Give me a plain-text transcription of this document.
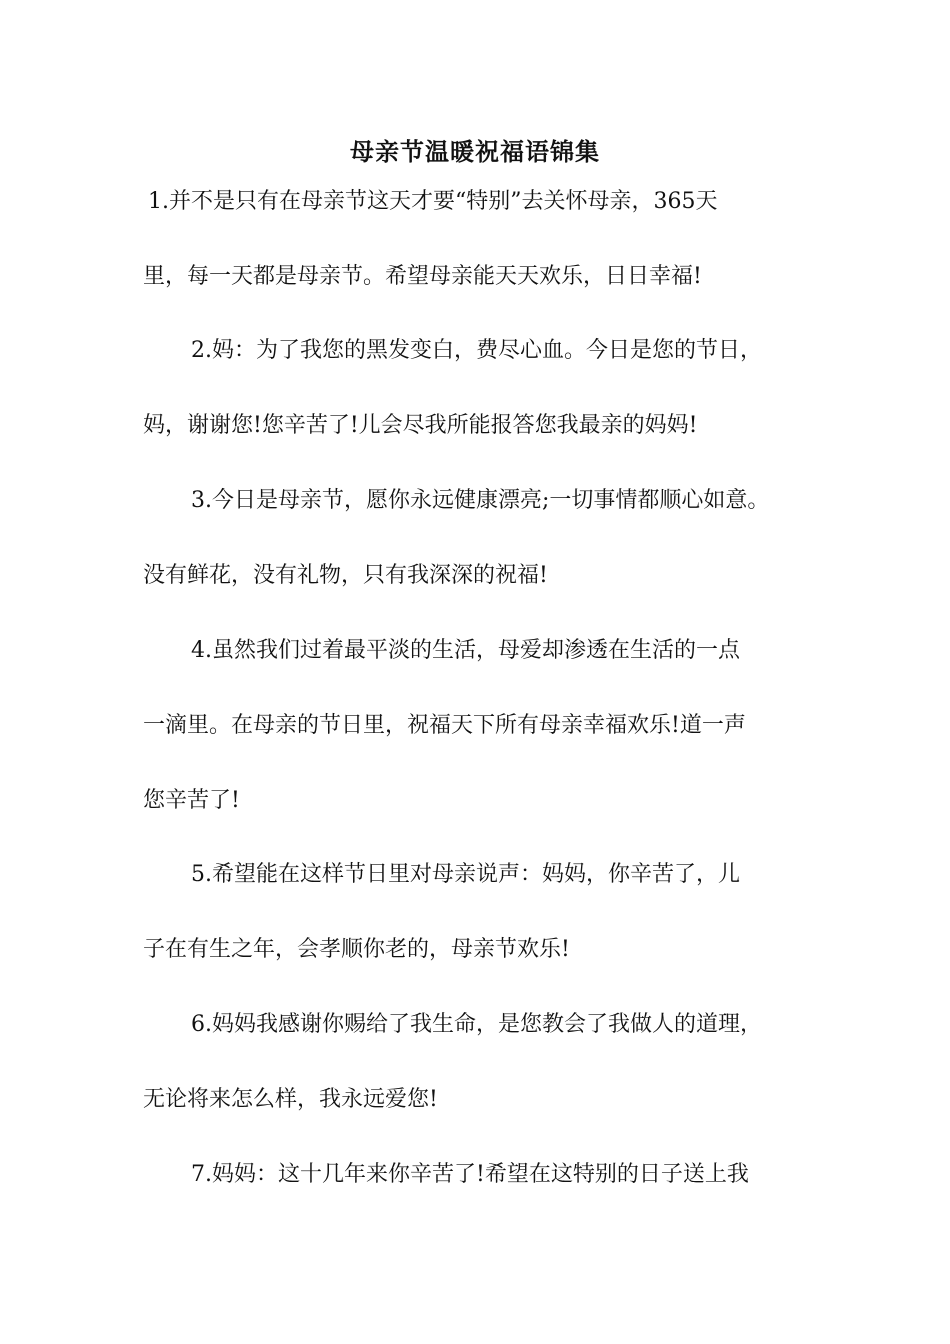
母亲节温暖祝福语锦集
1.并不是只有在母亲节这天才要“特别”去关怀母亲，365天
里，每一天都是母亲节。希望母亲能天天欢乐，日日幸福!
2.妈：为了我您的黑发变白，费尽心血。今日是您的节日，
妈，谢谢您!您辛苦了!儿会尽我所能报答您我最亲的妈妈!
3.今日是母亲节，愿你永远健康漂亮;一切事情都顺心如意。
没有鲜花，没有礼物，只有我深深的祝福!
4.虽然我们过着最平淡的生活，母爱却渗透在生活的一点
一滴里。在母亲的节日里，祝福天下所有母亲幸福欢乐!道一声
您辛苦了!
5.希望能在这样节日里对母亲说声：妈妈，你辛苦了，儿
子在有生之年，会孝顺你老的，母亲节欢乐!
6.妈妈我感谢你赐给了我生命，是您教会了我做人的道理，
无论将来怎么样，我永远爱您!
7.妈妈：这十几年来你辛苦了!希望在这特别的日子送上我
